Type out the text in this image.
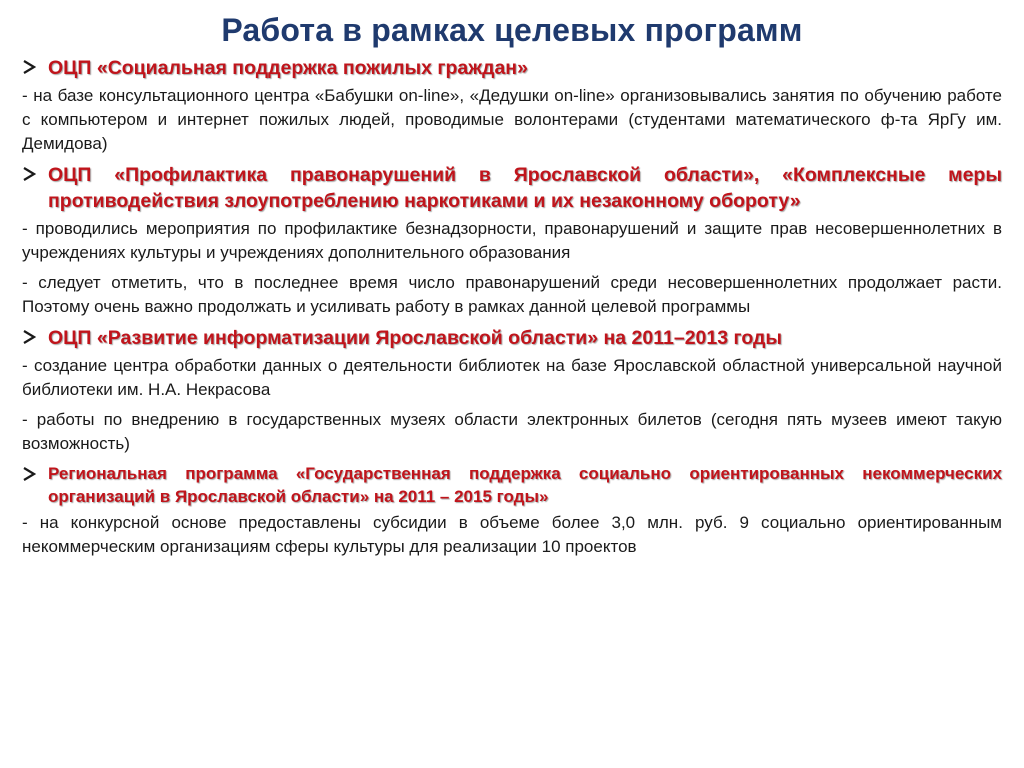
Работа в рамках целевых программ
ОЦП «Социальная поддержка пожилых граждан»
- на базе консультационного центра «Бабушки on-line», «Дедушки on-line» организовывались занятия по обучению работе с компьютером и интернет пожилых людей, проводимые волонтерами (студентами математического ф-та ЯрГу им. Демидова)
ОЦП «Профилактика правонарушений в Ярославской области», «Комплексные меры противодействия злоупотреблению наркотиками и их незаконному обороту»
- проводились мероприятия по профилактике безнадзорности, правонарушений и защите прав несовершеннолетних в учреждениях культуры и учреждениях дополнительного образования
- следует отметить, что в последнее время число правонарушений среди несовершеннолетних продолжает расти. Поэтому очень важно продолжать и усиливать работу в рамках данной целевой программы
ОЦП «Развитие информатизации Ярославской области» на 2011–2013 годы
- создание центра обработки данных о деятельности библиотек на базе Ярославской областной универсальной научной библиотеки им. Н.А. Некрасова
- работы по внедрению в государственных музеях области электронных билетов (сегодня пять музеев имеют такую возможность)
Региональная программа «Государственная поддержка социально ориентированных некоммерческих организаций в Ярославской области» на 2011 – 2015 годы»
- на конкурсной основе предоставлены субсидии в объеме более 3,0 млн. руб. 9 социально ориентированным некоммерческим организациям сферы культуры для реализации 10 проектов
